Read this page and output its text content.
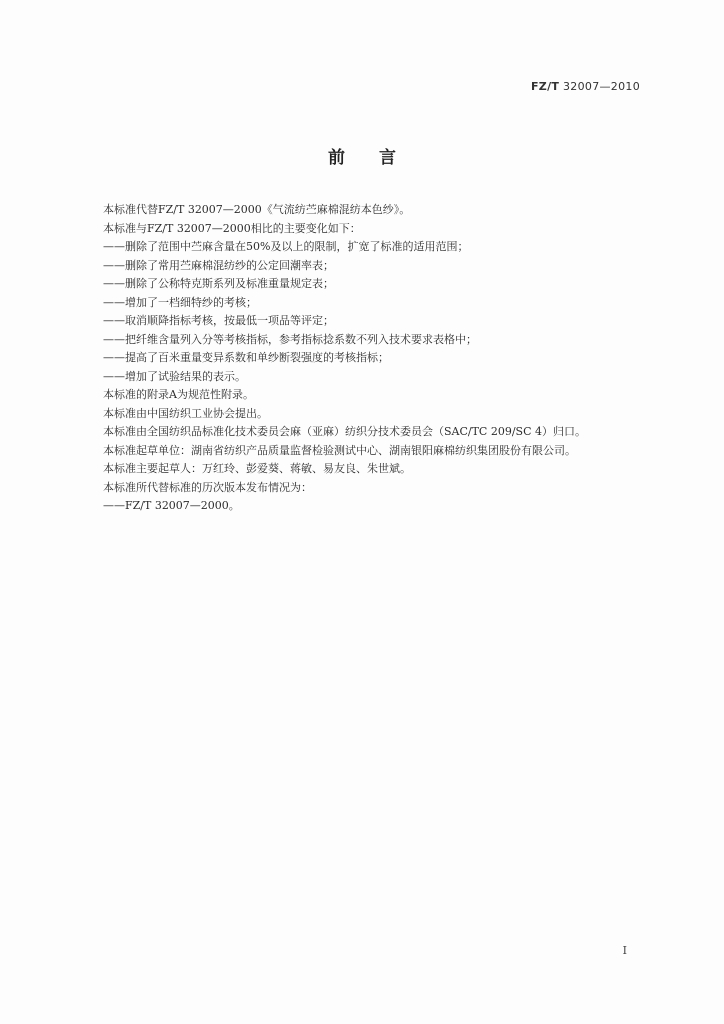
FZ/T 32007—2010
前言
本标准代替FZ/T 32007—2000《气流纺苎麻棉混纺本色纱》。
本标准与FZ/T 32007—2000相比的主要变化如下：
——删除了范围中苎麻含量在50%及以上的限制，扩宽了标准的适用范围；
——删除了常用苎麻棉混纺纱的公定回潮率表；
——删除了公称特克斯系列及标准重量规定表；
——增加了一档细特纱的考核；
——取消顺降指标考核，按最低一项品等评定；
——把纤维含量列入分等考核指标，参考指标捻系数不列入技术要求表格中；
——提高了百米重量变异系数和单纱断裂强度的考核指标；
——增加了试验结果的表示。
本标准的附录A为规范性附录。
本标准由中国纺织工业协会提出。
本标准由全国纺织品标准化技术委员会麻（亚麻）纺织分技术委员会（SAC/TC 209/SC 4）归口。
本标准起草单位：湖南省纺织产品质量监督检验测试中心、湖南银阳麻棉纺织集团股份有限公司。
本标准主要起草人：万红玲、彭爱葵、蒋敏、易友良、朱世斌。
本标准所代替标准的历次版本发布情况为：
——FZ/T 32007—2000。
I
